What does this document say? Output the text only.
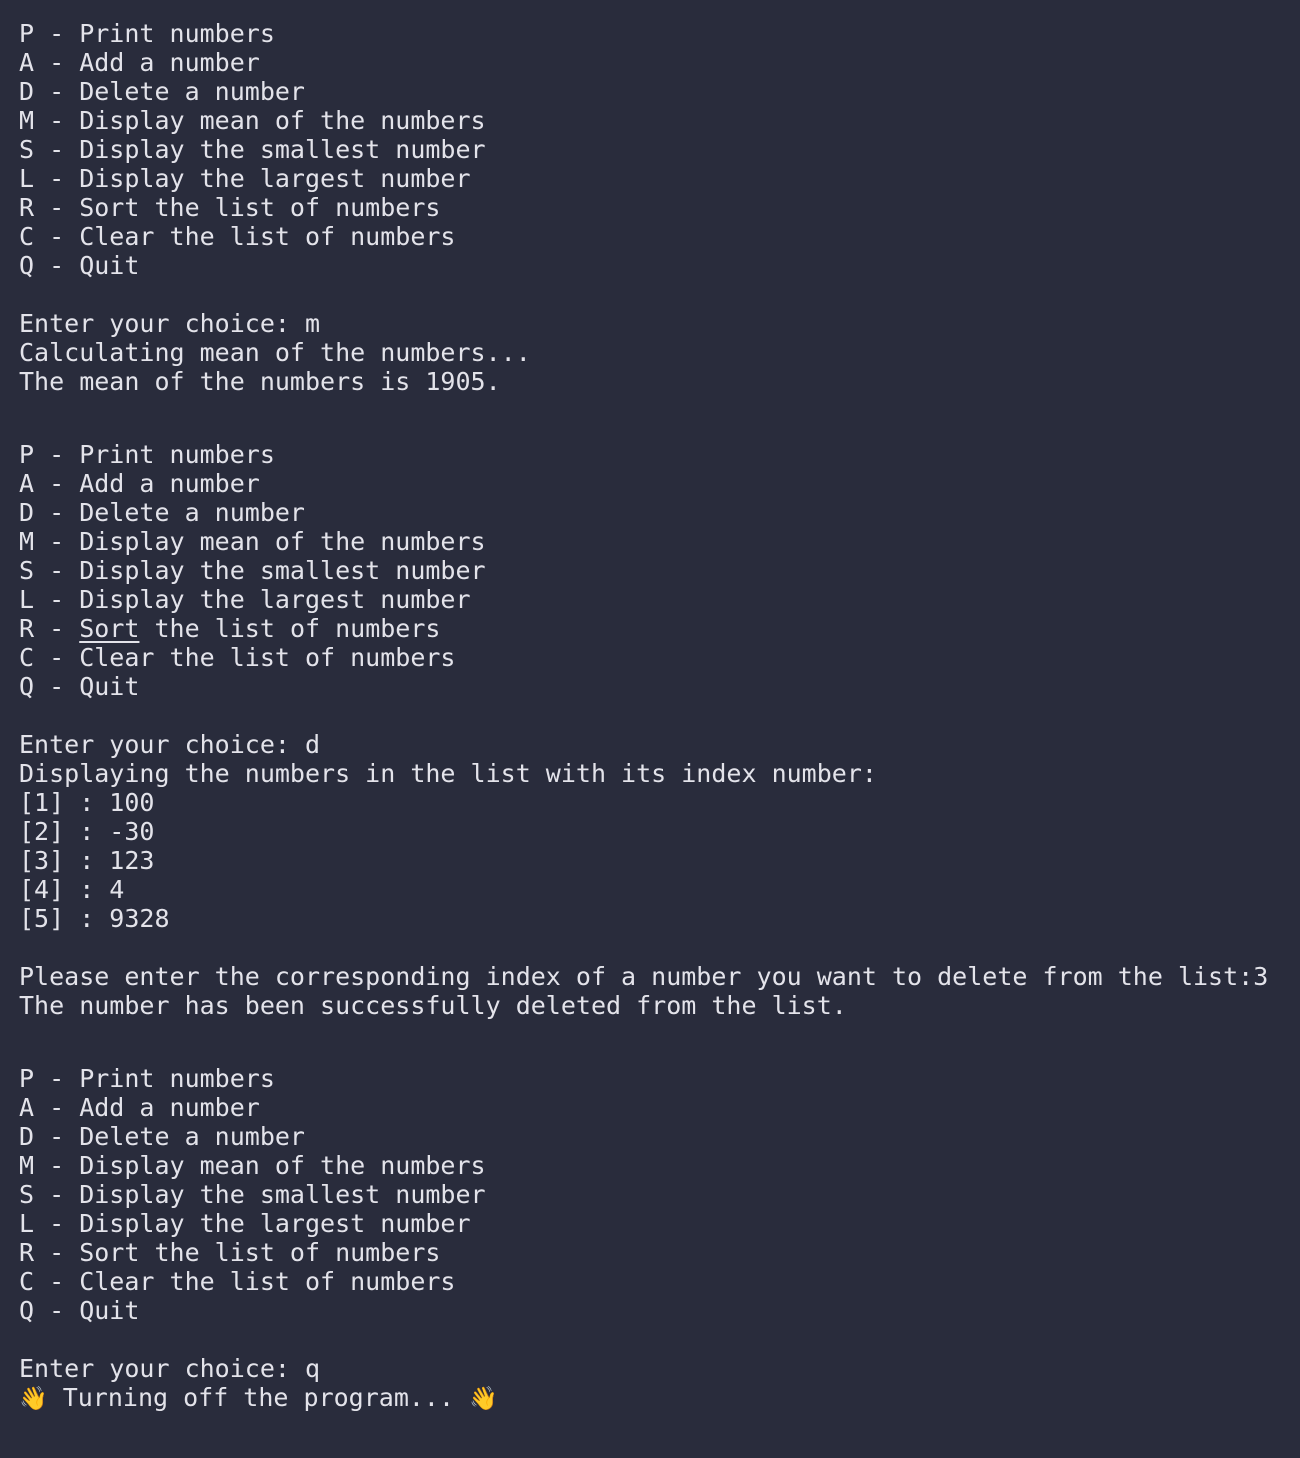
P - Print numbers
A - Add a number
D - Delete a number
M - Display mean of the numbers
S - Display the smallest number
L - Display the largest number
R - Sort the list of numbers
C - Clear the list of numbers
Q - Quit
Enter your choice: m
Calculating mean of the numbers...
The mean of the numbers is 1905.
P - Print numbers
A - Add a number
D - Delete a number
M - Display mean of the numbers
S - Display the smallest number
L - Display the largest number
R - Sort the list of numbers
C - Clear the list of numbers
Q - Quit
Enter your choice: d
Displaying the numbers in the list with its index number:
[1] : 100
[2] : -30
[3] : 123
[4] : 4
[5] : 9328
Please enter the corresponding index of a number you want to delete from the list:3
The number has been successfully deleted from the list.
P - Print numbers
A - Add a number
D - Delete a number
M - Display mean of the numbers
S - Display the smallest number
L - Display the largest number
R - Sort the list of numbers
C - Clear the list of numbers
Q - Quit
Enter your choice: q
👋 Turning off the program... 👋
